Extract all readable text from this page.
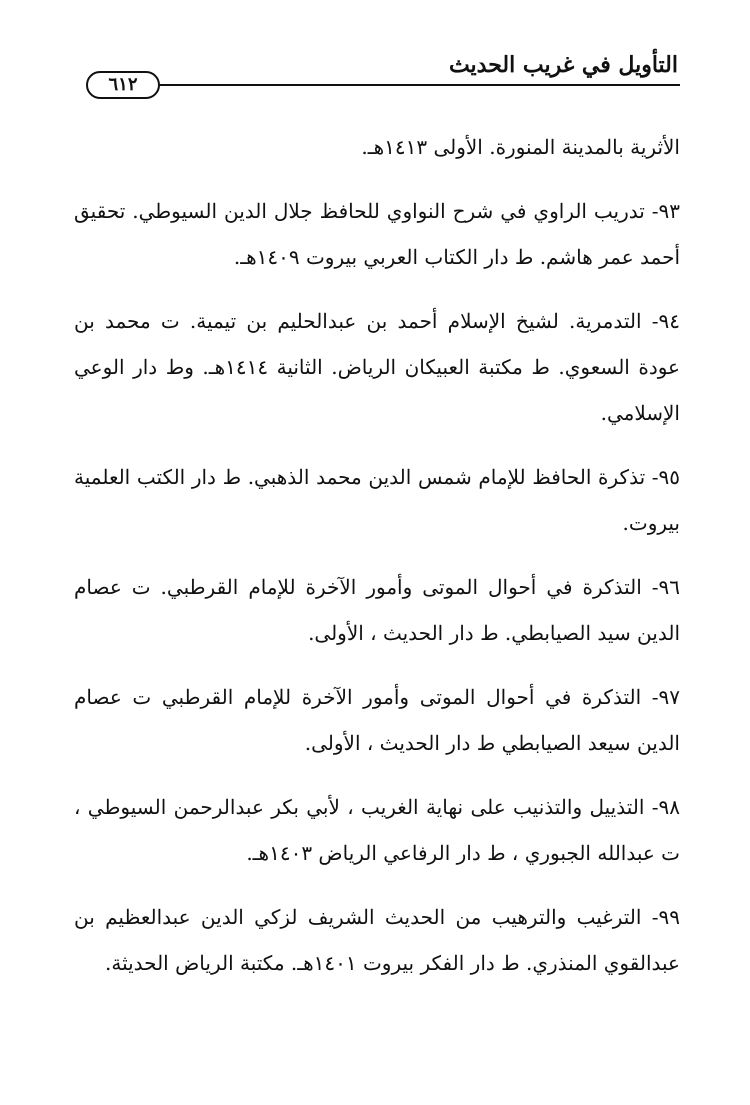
التأويل في غريب الحديث
٦١٢

الأثرية بالمدينة المنورة. الأولى ١٤١٣هـ.

٩٣- تدريب الراوي في شرح النواوي للحافظ جلال الدين السيوطي. تحقيق أحمد عمر هاشم. ط دار الكتاب العربي بيروت ١٤٠٩هـ.

٩٤- التدمرية. لشيخ الإسلام أحمد بن عبدالحليم بن تيمية. ت محمد بن عودة السعوي. ط مكتبة العبيكان الرياض. الثانية ١٤١٤هـ. وط دار الوعي الإسلامي.

٩٥- تذكرة الحافظ للإمام شمس الدين محمد الذهبي. ط دار الكتب العلمية بيروت.

٩٦- التذكرة في أحوال الموتى وأمور الآخرة للإمام القرطبي. ت عصام الدين سيد الصيابطي. ط دار الحديث ، الأولى.

٩٧- التذكرة في أحوال الموتى وأمور الآخرة للإمام القرطبي ت عصام الدين سيعد الصيابطي ط دار الحديث ، الأولى.

٩٨- التذييل والتذنيب على نهاية الغريب ، لأبي بكر عبدالرحمن السيوطي ، ت عبدالله الجبوري ، ط دار الرفاعي الرياض ١٤٠٣هـ.

٩٩- الترغيب والترهيب من الحديث الشريف لزكي الدين عبدالعظيم بن عبدالقوي المنذري. ط دار الفكر بيروت ١٤٠١هـ. مكتبة الرياض الحديثة.
